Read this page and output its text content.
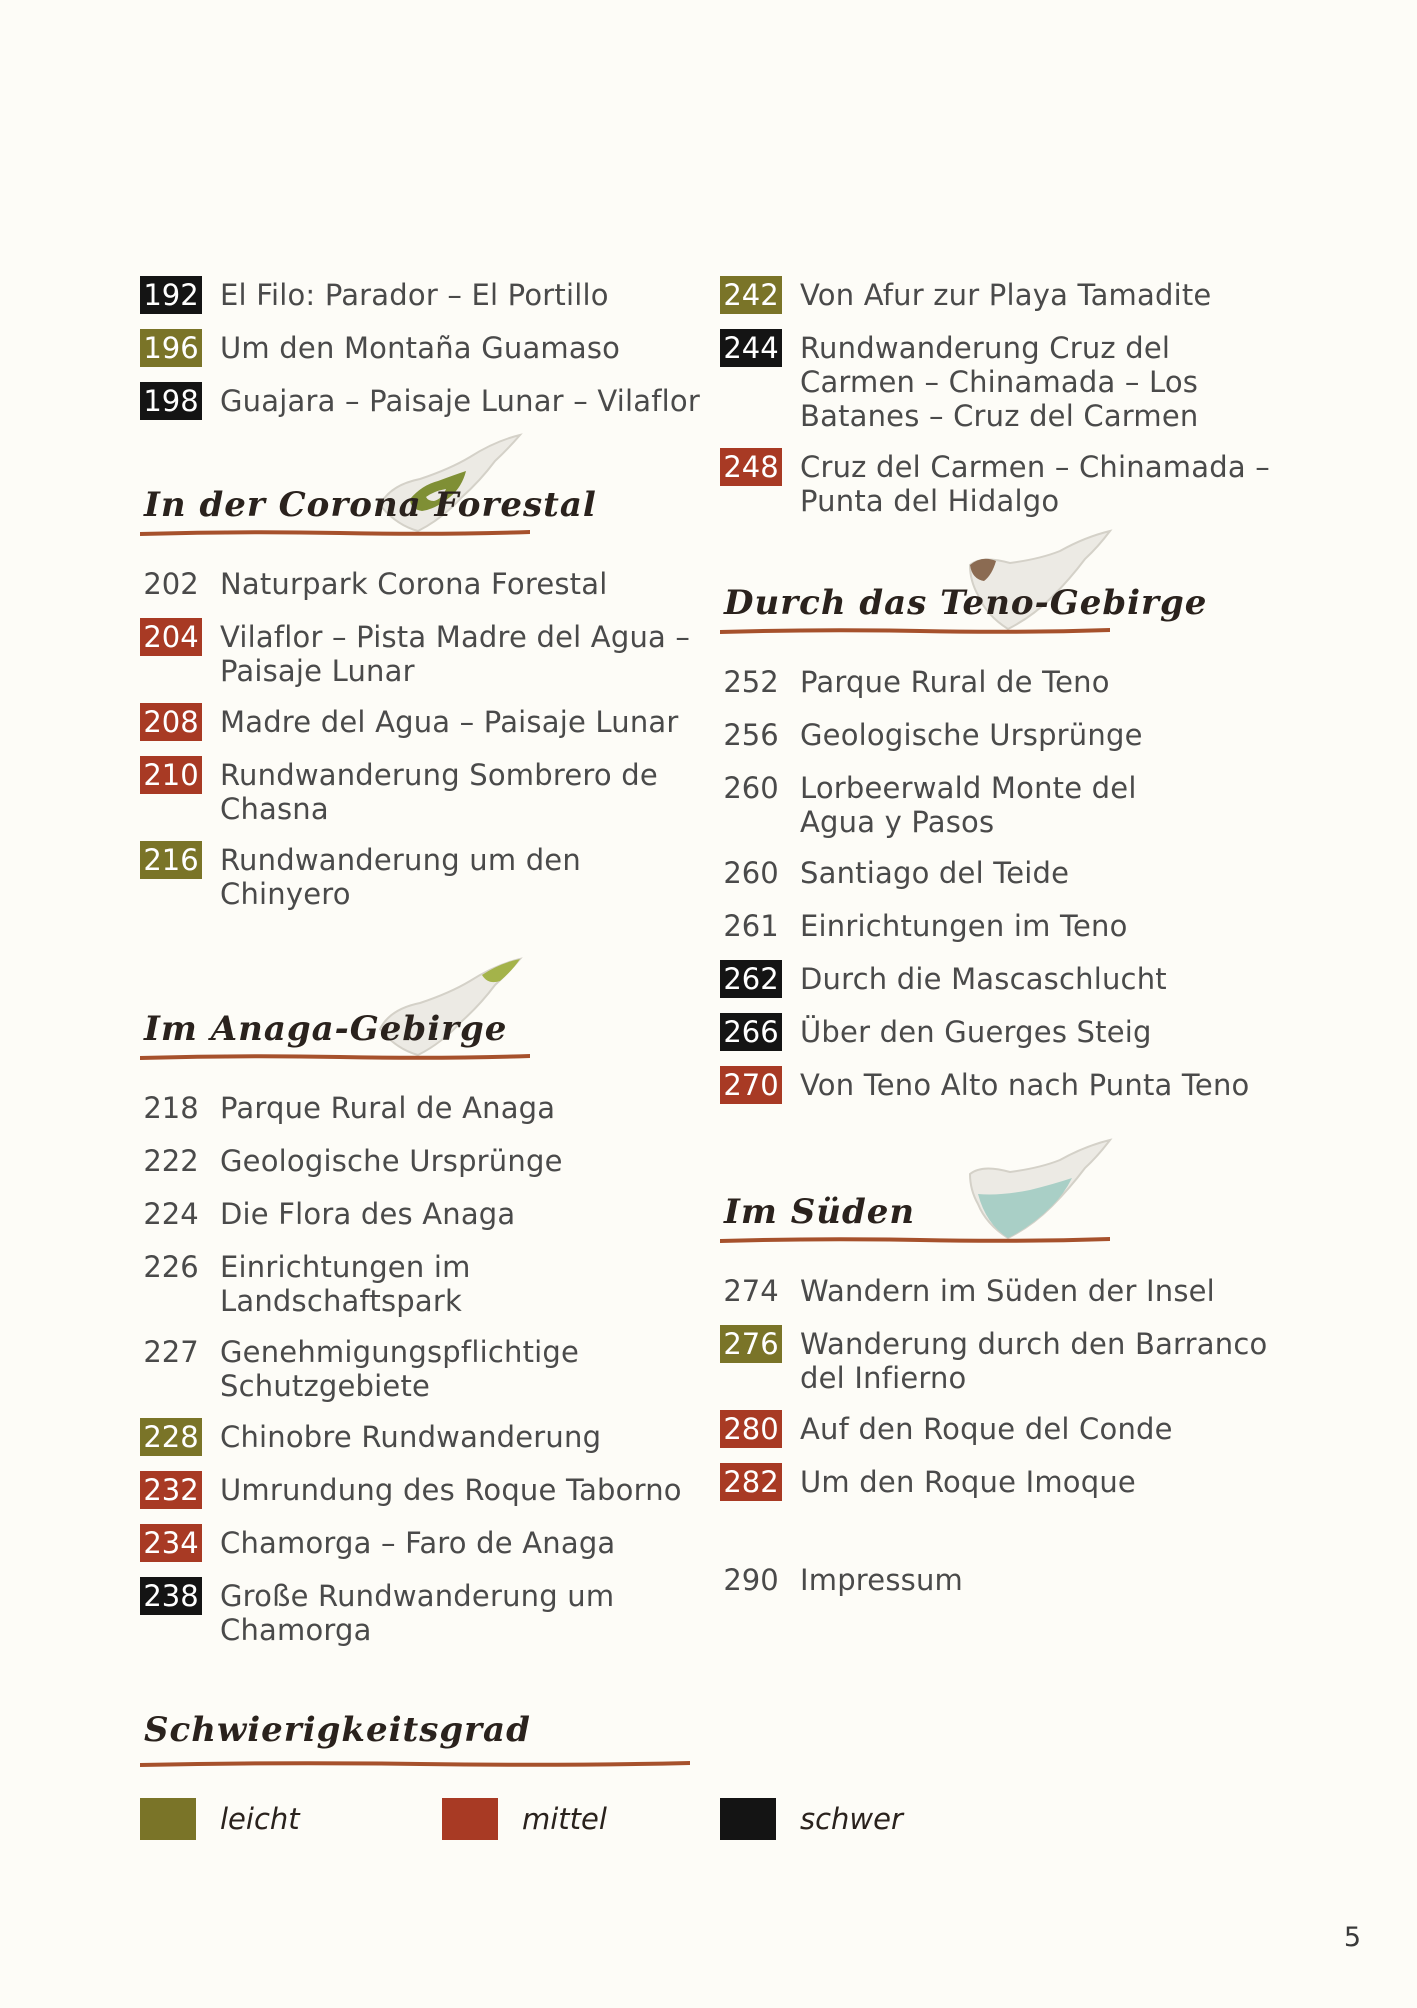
192 El Filo: Parador – El Portillo
196 Um den Montaña Guamaso
198 Guajara – Paisaje Lunar – Vilaflor
In der Corona Forestal
202 Naturpark Corona Forestal
204 Vilaflor – Pista Madre del Agua – Paisaje Lunar
208 Madre del Agua – Paisaje Lunar
210 Rundwanderung Sombrero de Chasna
216 Rundwanderung um den Chinyero
Im Anaga-Gebirge
218 Parque Rural de Anaga
222 Geologische Ursprünge
224 Die Flora des Anaga
226 Einrichtungen im Landschaftspark
227 Genehmigungspflichtige Schutzgebiete
228 Chinobre Rundwanderung
232 Umrundung des Roque Taborno
234 Chamorga – Faro de Anaga
238 Große Rundwanderung um Chamorga
242 Von Afur zur Playa Tamadite
244 Rundwanderung Cruz del Carmen – Chinamada – Los Batanes – Cruz del Carmen
248 Cruz del Carmen – Chinamada – Punta del Hidalgo
Durch das Teno-Gebirge
252 Parque Rural de Teno
256 Geologische Ursprünge
260 Lorbeerwald Monte del Agua y Pasos
260 Santiago del Teide
261 Einrichtungen im Teno
262 Durch die Mascaschlucht
266 Über den Guerges Steig
270 Von Teno Alto nach Punta Teno
Im Süden
274 Wandern im Süden der Insel
276 Wanderung durch den Barranco del Infierno
280 Auf den Roque del Conde
282 Um den Roque Imoque
290 Impressum
Schwierigkeitsgrad
leicht	mittel	schwer
5
